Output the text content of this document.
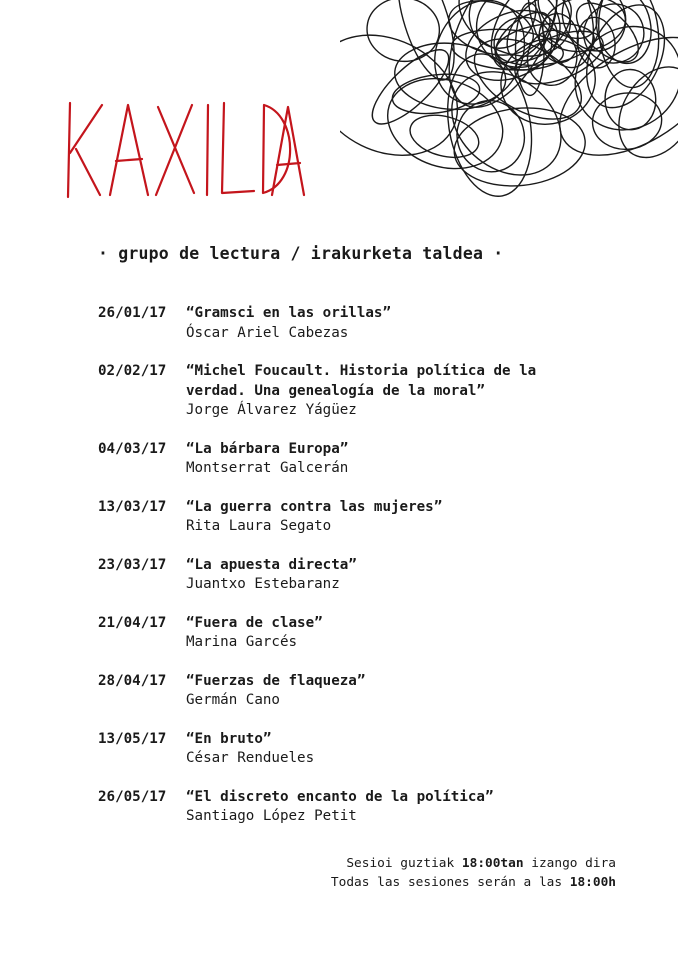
· grupo de lectura / irakurketa taldea ·
26/01/17	“Gramsci en las orillas”
Óscar Ariel Cabezas
02/02/17	“Michel Foucault. Historia política de la
verdad. Una genealogía de la moral”
Jorge Álvarez Yágüez
04/03/17	“La bárbara Europa”
Montserrat Galcerán
13/03/17	“La guerra contra las mujeres”
Rita Laura Segato
23/03/17	“La apuesta directa”
Juantxo Estebaranz
21/04/17	“Fuera de clase”
Marina Garcés
28/04/17	“Fuerzas de flaqueza”
Germán Cano
13/05/17	“En bruto”
César Rendueles
26/05/17	“El discreto encanto de la política”
Santiago López Petit
Sesioi guztiak 18:00tan izango dira
Todas las sesiones serán a las 18:00h
